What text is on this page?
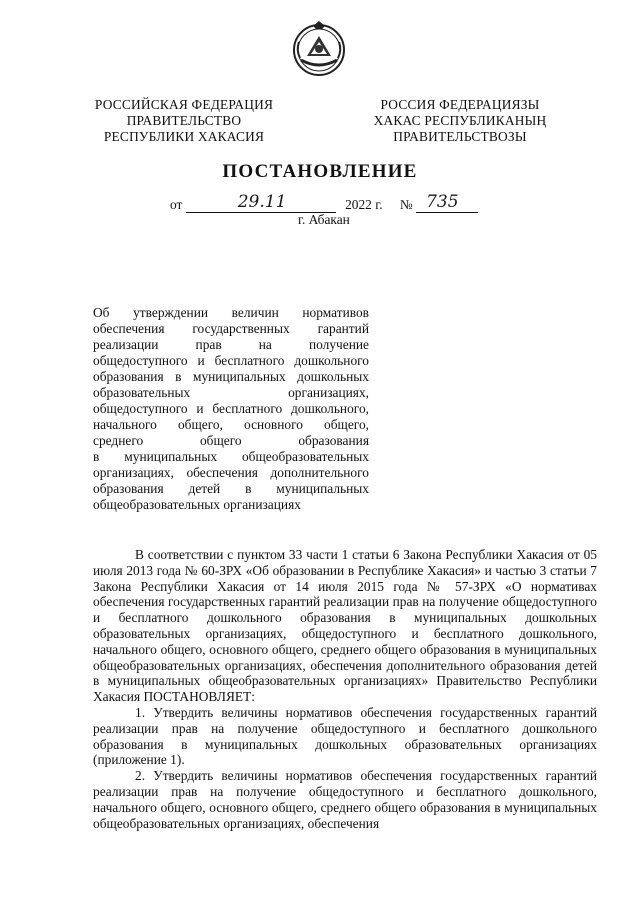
РОССИЙСКАЯ ФЕДЕРАЦИЯ
ПРАВИТЕЛЬСТВО
РЕСПУБЛИКИ ХАКАСИЯ
РОССИЯ ФЕДЕРАЦИЯЗЫ
ХАКАС РЕСПУБЛИКАНЫҢ
ПРАВИТЕЛЬСТВОЗЫ
ПОСТАНОВЛЕНИЕ
от	29.11	2022 г. № 735
г. Абакан
Об утверждении величин нормативов
обеспечения государственных гарантий
реализации прав на получение
общедоступного и бесплатного дошкольного
образования в муниципальных дошкольных
образовательных организациях,
общедоступного и бесплатного дошкольного,
начального общего, основного общего,
среднего общего образования
в муниципальных общеобразовательных
организациях, обеспечения дополнительного
образования детей в муниципальных
общеобразовательных организациях

В соответствии с пунктом 33 части 1 статьи 6 Закона Республики Хакасия от 05 июля 2013 года № 60-ЗРХ «Об образовании в Республике Хакасия» и частью 3 статьи 7 Закона Республики Хакасия от 14 июля 2015 года № 57-ЗРХ «О нормативах обеспечения государственных гарантий реализации прав на получение общедоступного и бесплатного дошкольного образования в муниципальных дошкольных образовательных организациях, общедоступного и бесплатного дошкольного, начального общего, основного общего, среднего общего образования в муниципальных общеобразовательных организациях, обеспечения дополнительного образования детей в муниципальных общеобразовательных организациях» Правительство Республики Хакасия ПОСТАНОВЛЯЕТ:

1. Утвердить величины нормативов обеспечения государственных гарантий реализации прав на получение общедоступного и бесплатного дошкольного образования в муниципальных дошкольных образовательных организациях (приложение 1).

2. Утвердить величины нормативов обеспечения государственных гарантий реализации прав на получение общедоступного и бесплатного дошкольного, начального общего, основного общего, среднего общего образования в муниципальных общеобразовательных организациях, обеспечения
